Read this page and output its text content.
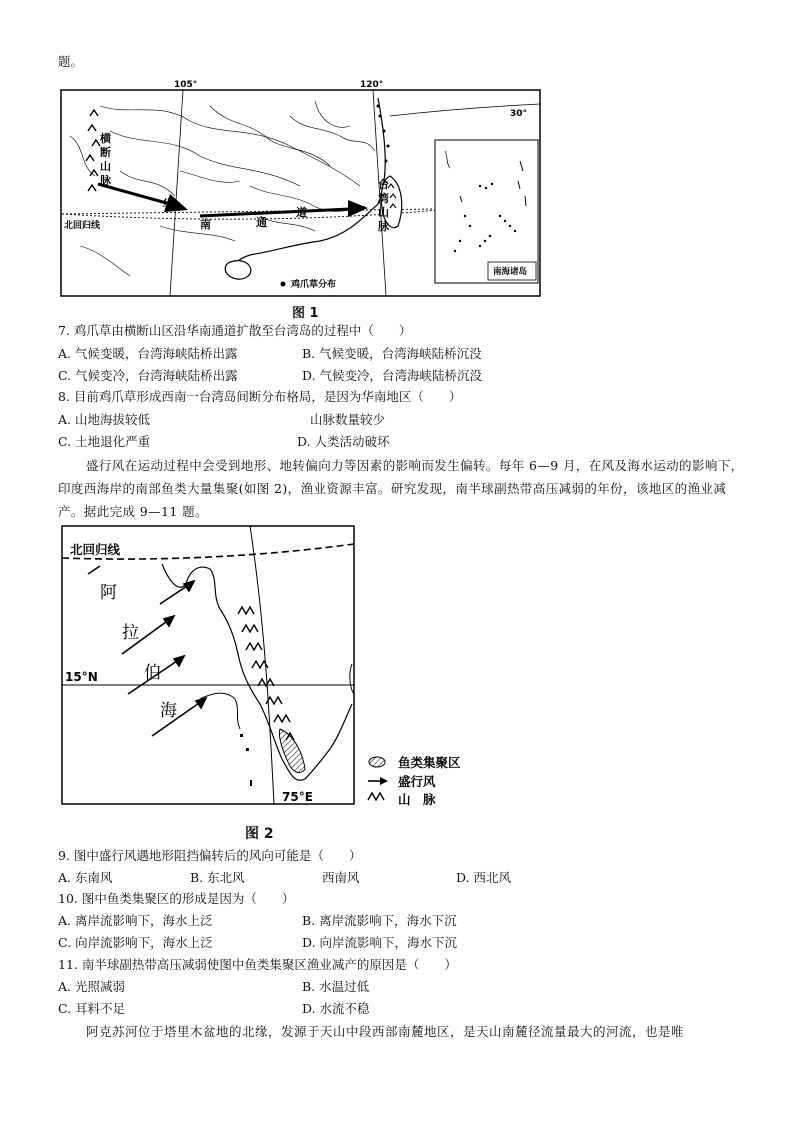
题。
105°	120°
30°
北回归线
鸡爪草分布
南海诸岛
横断山脉
华南	通道
台湾山脉
图 1
7. 鸡爪草由横断山区沿华南通道扩散至台湾岛的过程中（　　）
A. 气候变暖，台湾海峡陆桥出露	B. 气候变暖，台湾海峡陆桥沉没
C. 气候变冷，台湾海峡陆桥出露	D. 气候变冷，台湾海峡陆桥沉没
8. 目前鸡爪草形成西南一台湾岛间断分布格局，是因为华南地区（　　）
A. 山地海拔较低	山脉数量较少
C. 土地退化严重	D. 人类活动破坏
盛行风在运动过程中会受到地形、地转偏向力等因素的影响而发生偏转。每年 6—9 月，在风及海水运动的影响下，印度西海岸的南部鱼类大量集聚(如图 2)，渔业资源丰富。研究发现，南半球副热带高压减弱的年份，该地区的渔业减产。据此完成 9—11 题。
北回归线
15°N
75°E
阿
拉
伯
海
鱼类集聚区
盛行风
山　脉
图 2
9. 图中盛行风遇地形阻挡偏转后的风向可能是（　　）
A. 东南风	B. 东北风	西南风	D. 西北风
10. 图中鱼类集聚区的形成是因为（　　）
A. 离岸流影响下，海水上泛	B. 离岸流影响下，海水下沉
C. 向岸流影响下，海水上泛	D. 向岸流影响下，海水下沉
11. 南半球副热带高压减弱使图中鱼类集聚区渔业减产的原因是（　　）
A. 光照减弱	B. 水温过低
C. 耳料不足	D. 水流不稳
阿克苏河位于塔里木盆地的北缘，发源于天山中段西部南麓地区，是天山南麓径流量最大的河流，也是唯
